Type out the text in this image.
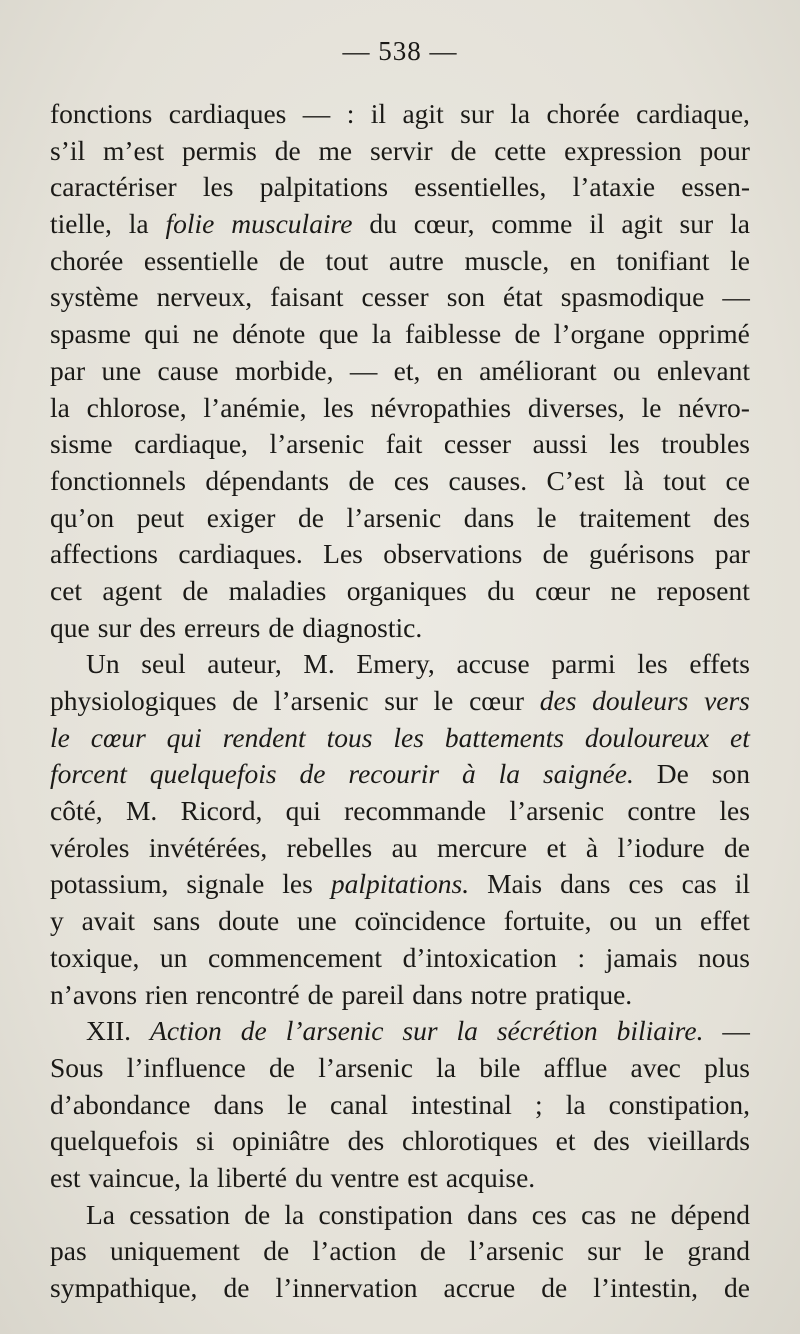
— 538 —
fonctions cardiaques — : il agit sur la chorée cardiaque,
s’il m’est permis de me servir de cette expression pour
caractériser les palpitations essentielles, l’ataxie essen-
tielle, la folie musculaire du cœur, comme il agit sur la
chorée essentielle de tout autre muscle, en tonifiant le
système nerveux, faisant cesser son état spasmodique —
spasme qui ne dénote que la faiblesse de l’organe opprimé
par une cause morbide, — et, en améliorant ou enlevant
la chlorose, l’anémie, les névropathies diverses, le névro-
sisme cardiaque, l’arsenic fait cesser aussi les troubles
fonctionnels dépendants de ces causes. C’est là tout ce
qu’on peut exiger de l’arsenic dans le traitement des
affections cardiaques. Les observations de guérisons par
cet agent de maladies organiques du cœur ne reposent
que sur des erreurs de diagnostic.
Un seul auteur, M. Emery, accuse parmi les effets
physiologiques de l’arsenic sur le cœur des douleurs vers
le cœur qui rendent tous les battements douloureux et
forcent quelquefois de recourir à la saignée. De son
côté, M. Ricord, qui recommande l’arsenic contre les
véroles invétérées, rebelles au mercure et à l’iodure de
potassium, signale les palpitations. Mais dans ces cas il
y avait sans doute une coïncidence fortuite, ou un effet
toxique, un commencement d’intoxication : jamais nous
n’avons rien rencontré de pareil dans notre pratique.
XII. Action de l’arsenic sur la sécrétion biliaire. —
Sous l’influence de l’arsenic la bile afflue avec plus
d’abondance dans le canal intestinal ; la constipation,
quelquefois si opiniâtre des chlorotiques et des vieillards
est vaincue, la liberté du ventre est acquise.
La cessation de la constipation dans ces cas ne dépend
pas uniquement de l’action de l’arsenic sur le grand
sympathique, de l’innervation accrue de l’intestin, de
